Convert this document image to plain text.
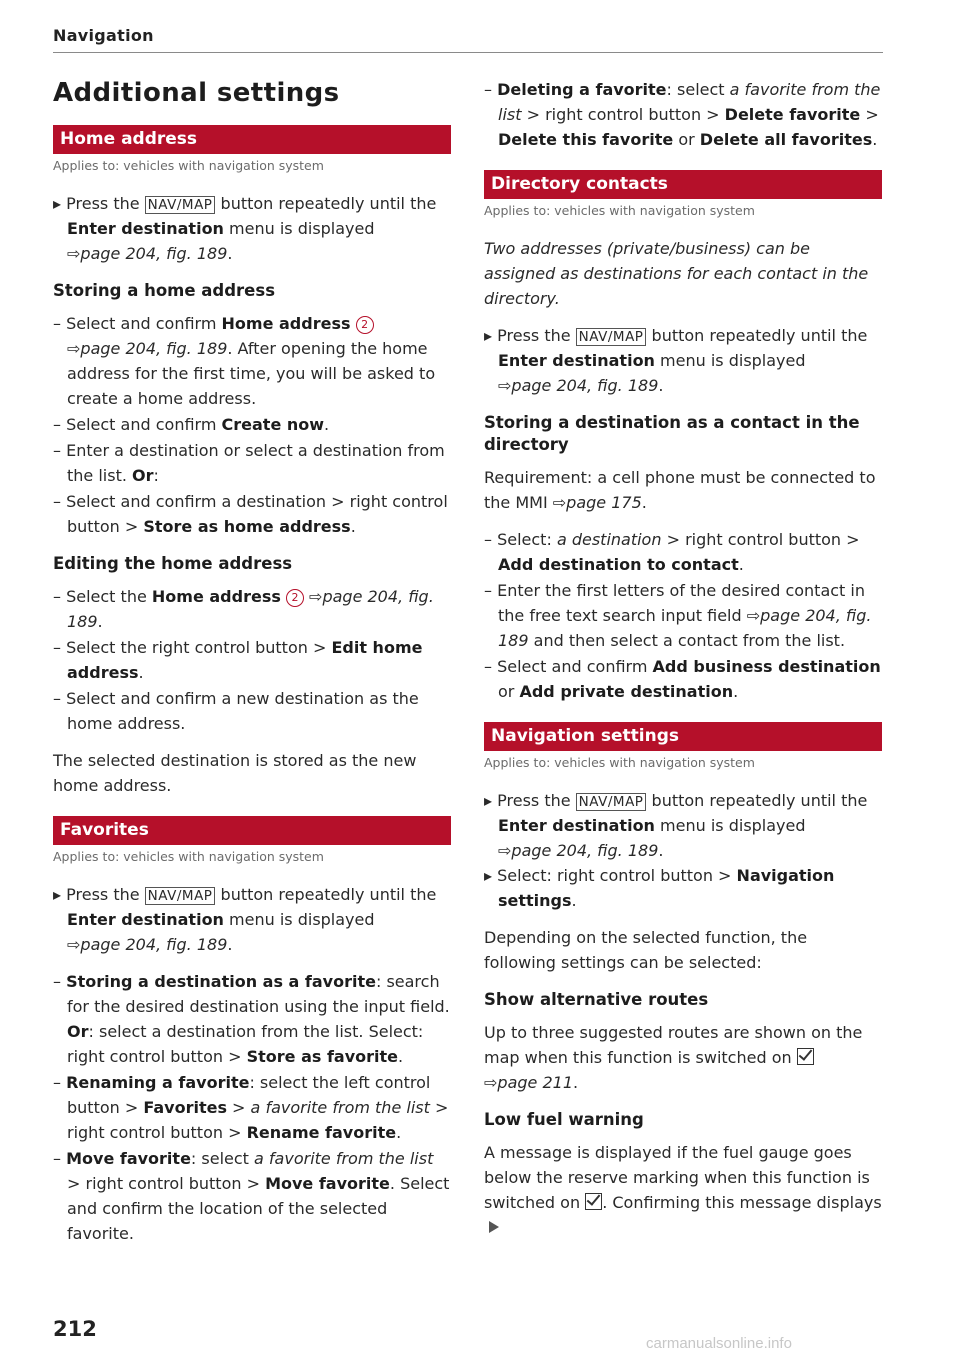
Navigation
Additional settings
Home address
Applies to: vehicles with navigation system

▸ Press the NAV/MAP button repeatedly until the Enter destination menu is displayed
⇨page 204, fig. 189.

Storing a home address
– Select and confirm Home address 2
⇨page 204, fig. 189. After opening the home address for the first time, you will be asked to create a home address.
– Select and confirm Create now.
– Enter a destination or select a destination from the list. Or:
– Select and confirm a destination > right control button > Store as home address.
Editing the home address
– Select the Home address 2 ⇨page 204, fig. 189.
– Select the right control button > Edit home address.
– Select and confirm a new destination as the home address.

The selected destination is stored as the new home address.

Favorites
Applies to: vehicles with navigation system

▸ Press the NAV/MAP button repeatedly until the Enter destination menu is displayed
⇨page 204, fig. 189.

– Storing a destination as a favorite: search for the desired destination using the input field. Or: select a destination from the list. Select: right control button > Store as favorite.
– Renaming a favorite: select the left control button > Favorites > a favorite from the list > right control button > Rename favorite.
– Move favorite: select a favorite from the list > right control button > Move favorite. Select and confirm the location of the selected favorite.
– Deleting a favorite: select a favorite from the list > right control button > Delete favorite > Delete this favorite or Delete all favorites.
Directory contacts
Applies to: vehicles with navigation system

Two addresses (private/business) can be assigned as destinations for each contact in the directory.

▸ Press the NAV/MAP button repeatedly until the Enter destination menu is displayed
⇨page 204, fig. 189.

Storing a destination as a contact in the directory

Requirement: a cell phone must be connected to the MMI ⇨page 175.

– Select: a destination > right control button > Add destination to contact.
– Enter the first letters of the desired contact in the free text search input field ⇨page 204, fig. 189 and then select a contact from the list.
– Select and confirm Add business destination or Add private destination.
Navigation settings
Applies to: vehicles with navigation system

▸ Press the NAV/MAP button repeatedly until the Enter destination menu is displayed
⇨page 204, fig. 189.

▸ Select: right control button > Navigation settings.

Depending on the selected function, the following settings can be selected:

Show alternative routes

Up to three suggested routes are shown on the map when this function is switched on
⇨page 211.

Low fuel warning

A message is displayed if the fuel gauge goes below the reserve marking when this function is switched on . Confirming this message displays

212
carmanualsonline.info
